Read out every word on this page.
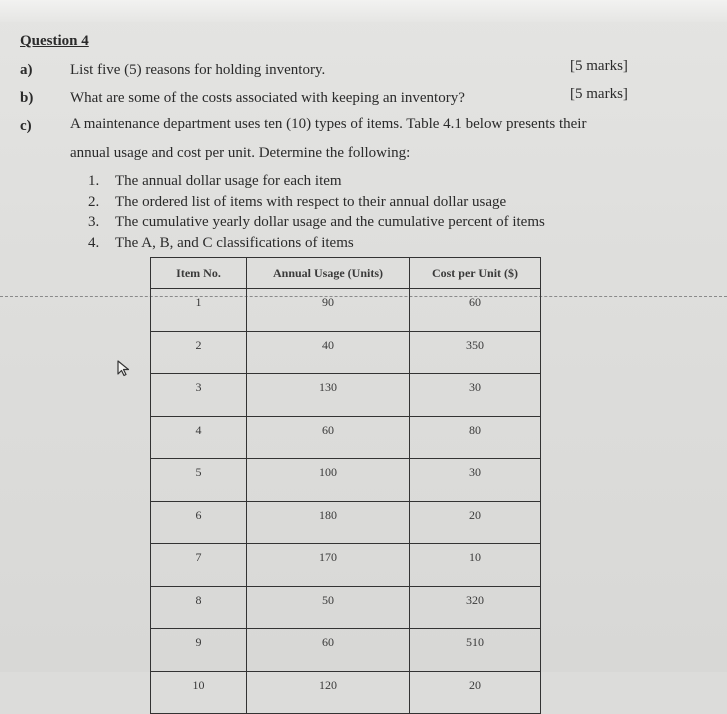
Question 4
a)	List five (5) reasons for holding inventory.	[5 marks]
b) What are some of the costs associated with keeping an inventory?	[5 marks]
c)	A maintenance department uses ten (10) types of items. Table 4.1 below presents their
annual usage and cost per unit. Determine the following:
1. The annual dollar usage for each item
2. The ordered list of items with respect to their annual dollar usage
3. The cumulative yearly dollar usage and the cumulative percent of items
4. The A, B, and C classifications of items
Item No.	Annual Usage (Units)	Cost per Unit ($)
1	90	60
2	40	350
3	130	30
4	60	80
5	100	30
6	180	20
7	170	10
8	50	320
9	60	510
10	120	20
